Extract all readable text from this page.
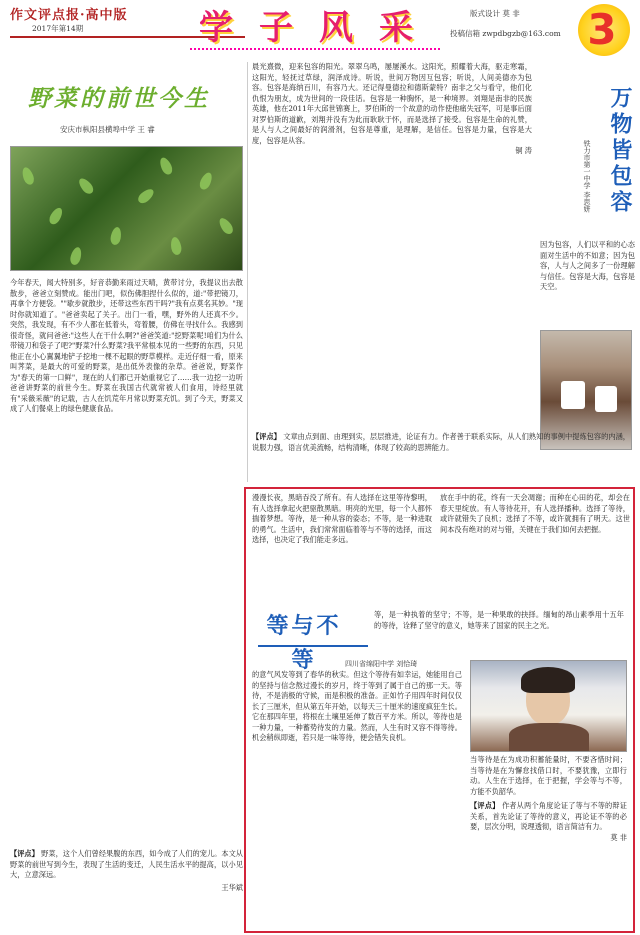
作文评点报·高中版
2017年第14期	学 子 风 采	版式设计 莫 非
投稿信箱 zwpdbgzb@163.com 3
野菜的前世今生
安庆市枞阳县横埠中学 王 睿
今年春天，闻大特别多，好音恭勤来雨过天晴，黄带讨分，我提议出去散散步，爸爸立刻赞成。能出门吧，似伤佛胆捏什么似的，道:"带把镜刀，再拿个方便袋。""歇步就散步，还带这些东西干吗?"我有点莫名其妙。"现时你就知道了。"爸爸卖起了关子。出门一看，嘿，野外的人还真不少。突然，我发现，有不少人都在低着头，弯着腰，仿佛在寻找什么。我感到很奇怪，就问爸爸:"这些人在干什么啊?"爸爸笑道:"挖野菜呢!咱们为什么带镜刀和袋子了吧?"野菜?什么野菜?我平常根本见的一些野的东西，只见他正在小心翼翼地铲子挖地一棵不起眼的野草模样。走近仔细一看，原来叫荠菜，是最大的可爱的野菜，是出低外表像的杂草。爸爸说，野菜作为"春天的第一口鲜"，现在的人们都已开始重视它了……我一边挖一边听爸爸讲野菜的前世今生。野菜在我国古代就常被人们食用，诗经里就有"采薇采薇"的记载，古人在饥荒年月常以野菜充饥。到了今天，野菜又成了人们餐桌上的绿色健康食品。
【评点】 野菜，这个人们曾经果腹的东西，如今成了人们的宠儿。本文从野菜的前世写到今生，表现了生活的变迁，人民生活水平的提高，以小见大，立意深远。
王华斌
晨光熹微，迎来包容的阳光。翠翠乌鸣，屡屡溪水。这阳光，照耀着大海，驱走寒霜，这阳光，轻抚过草绿，润泽成诗。听说，世间万物因互包容；听说，人间美德亦为包容。包容是海纳百川，有容乃大。还记得曼德拉和德斯蒙特？南非之父与看守，他们化仇恨为朋友，成为世间的一段佳话。包容是一种胸怀，是一种境界。刘翔是南非的民族英雄，他在2011年大邱世锦赛上，罗伯斯的一个故意的动作使他痛失冠军，可是事后面对罗伯斯的道歉，刘翔并没有为此而耿耿于怀，而是选择了接受。包容是生命的礼赞，是人与人之间最好的润滑剂，包容是尊重，是理解，是信任。包容是力量，包容是大度，包容是从容。
铜 涛	万物皆包容
铁力市第一中学 李思妍
因为包容，人们以平和的心态面对生活中的不如意；因为包容，人与人之间多了一份理解与信任。包容是大海，包容是天空。
【评点】 文章由点到面、由理到实，层层推进，论证有力。作者善于联系实际，从人们熟知的事例中提炼包容的内涵，说服力强，语言优美流畅，结构清晰，体现了较高的思辨能力。
漫漫长夜，黑暗吞没了所有。有人选择在这里等待黎明，有人选择拿起火把驱散黑暗。明亮的光里，每一个人都怀揣着梦想。等待，是一种从容的姿态；不等，是一种进取的勇气。生活中，我们常常面临着等与不等的选择，而这选择，也决定了我们能走多远。
放在手中的花，终有一天会凋谢；而种在心田的花，却会在春天里绽放。有人等待花开，有人选择播种。选择了等待，或许就错失了良机；选择了不等，或许就拥有了明天。这世间本没有绝对的对与错，关键在于我们如何去把握。
等与不等
等，是一种执着的坚守；不等，是一种果敢的抉择。缅甸的昂山素季用十五年的等待，诠释了坚守的意义，她等来了国家的民主之光。
四川省绵阳中学 刘恰琦
的意气风发等到了春华的秋实。但这个等待有如幸运，她能用自己的坚持与信念熬过漫长的岁月，终于等到了属于自己的那一天。等待，不是消极的守候，而是积极的准备。正如竹子用四年时间仅仅长了三厘米，但从第五年开始，以每天三十厘米的速度疯狂生长。它在那四年里，将根在土壤里延伸了数百平方米。所以，等待也是一种力量，一种蓄势待发的力量。然而，人生有时又容不得等待。机会稍纵即逝，若只是一味等待，便会错失良机。
当等待是在为成功积蓄能量时，不要吝惜时间；当等待是在为懈怠找借口时，不要犹豫，立即行动。人生在于选择，在于把握，学会等与不等，方能不负韶华。
【评点】 作者从两个角度论证了等与不等的辩证关系，首先论证了等待的意义，再论证不等的必要，层次分明，说理透彻，语言简洁有力。
莫 非
